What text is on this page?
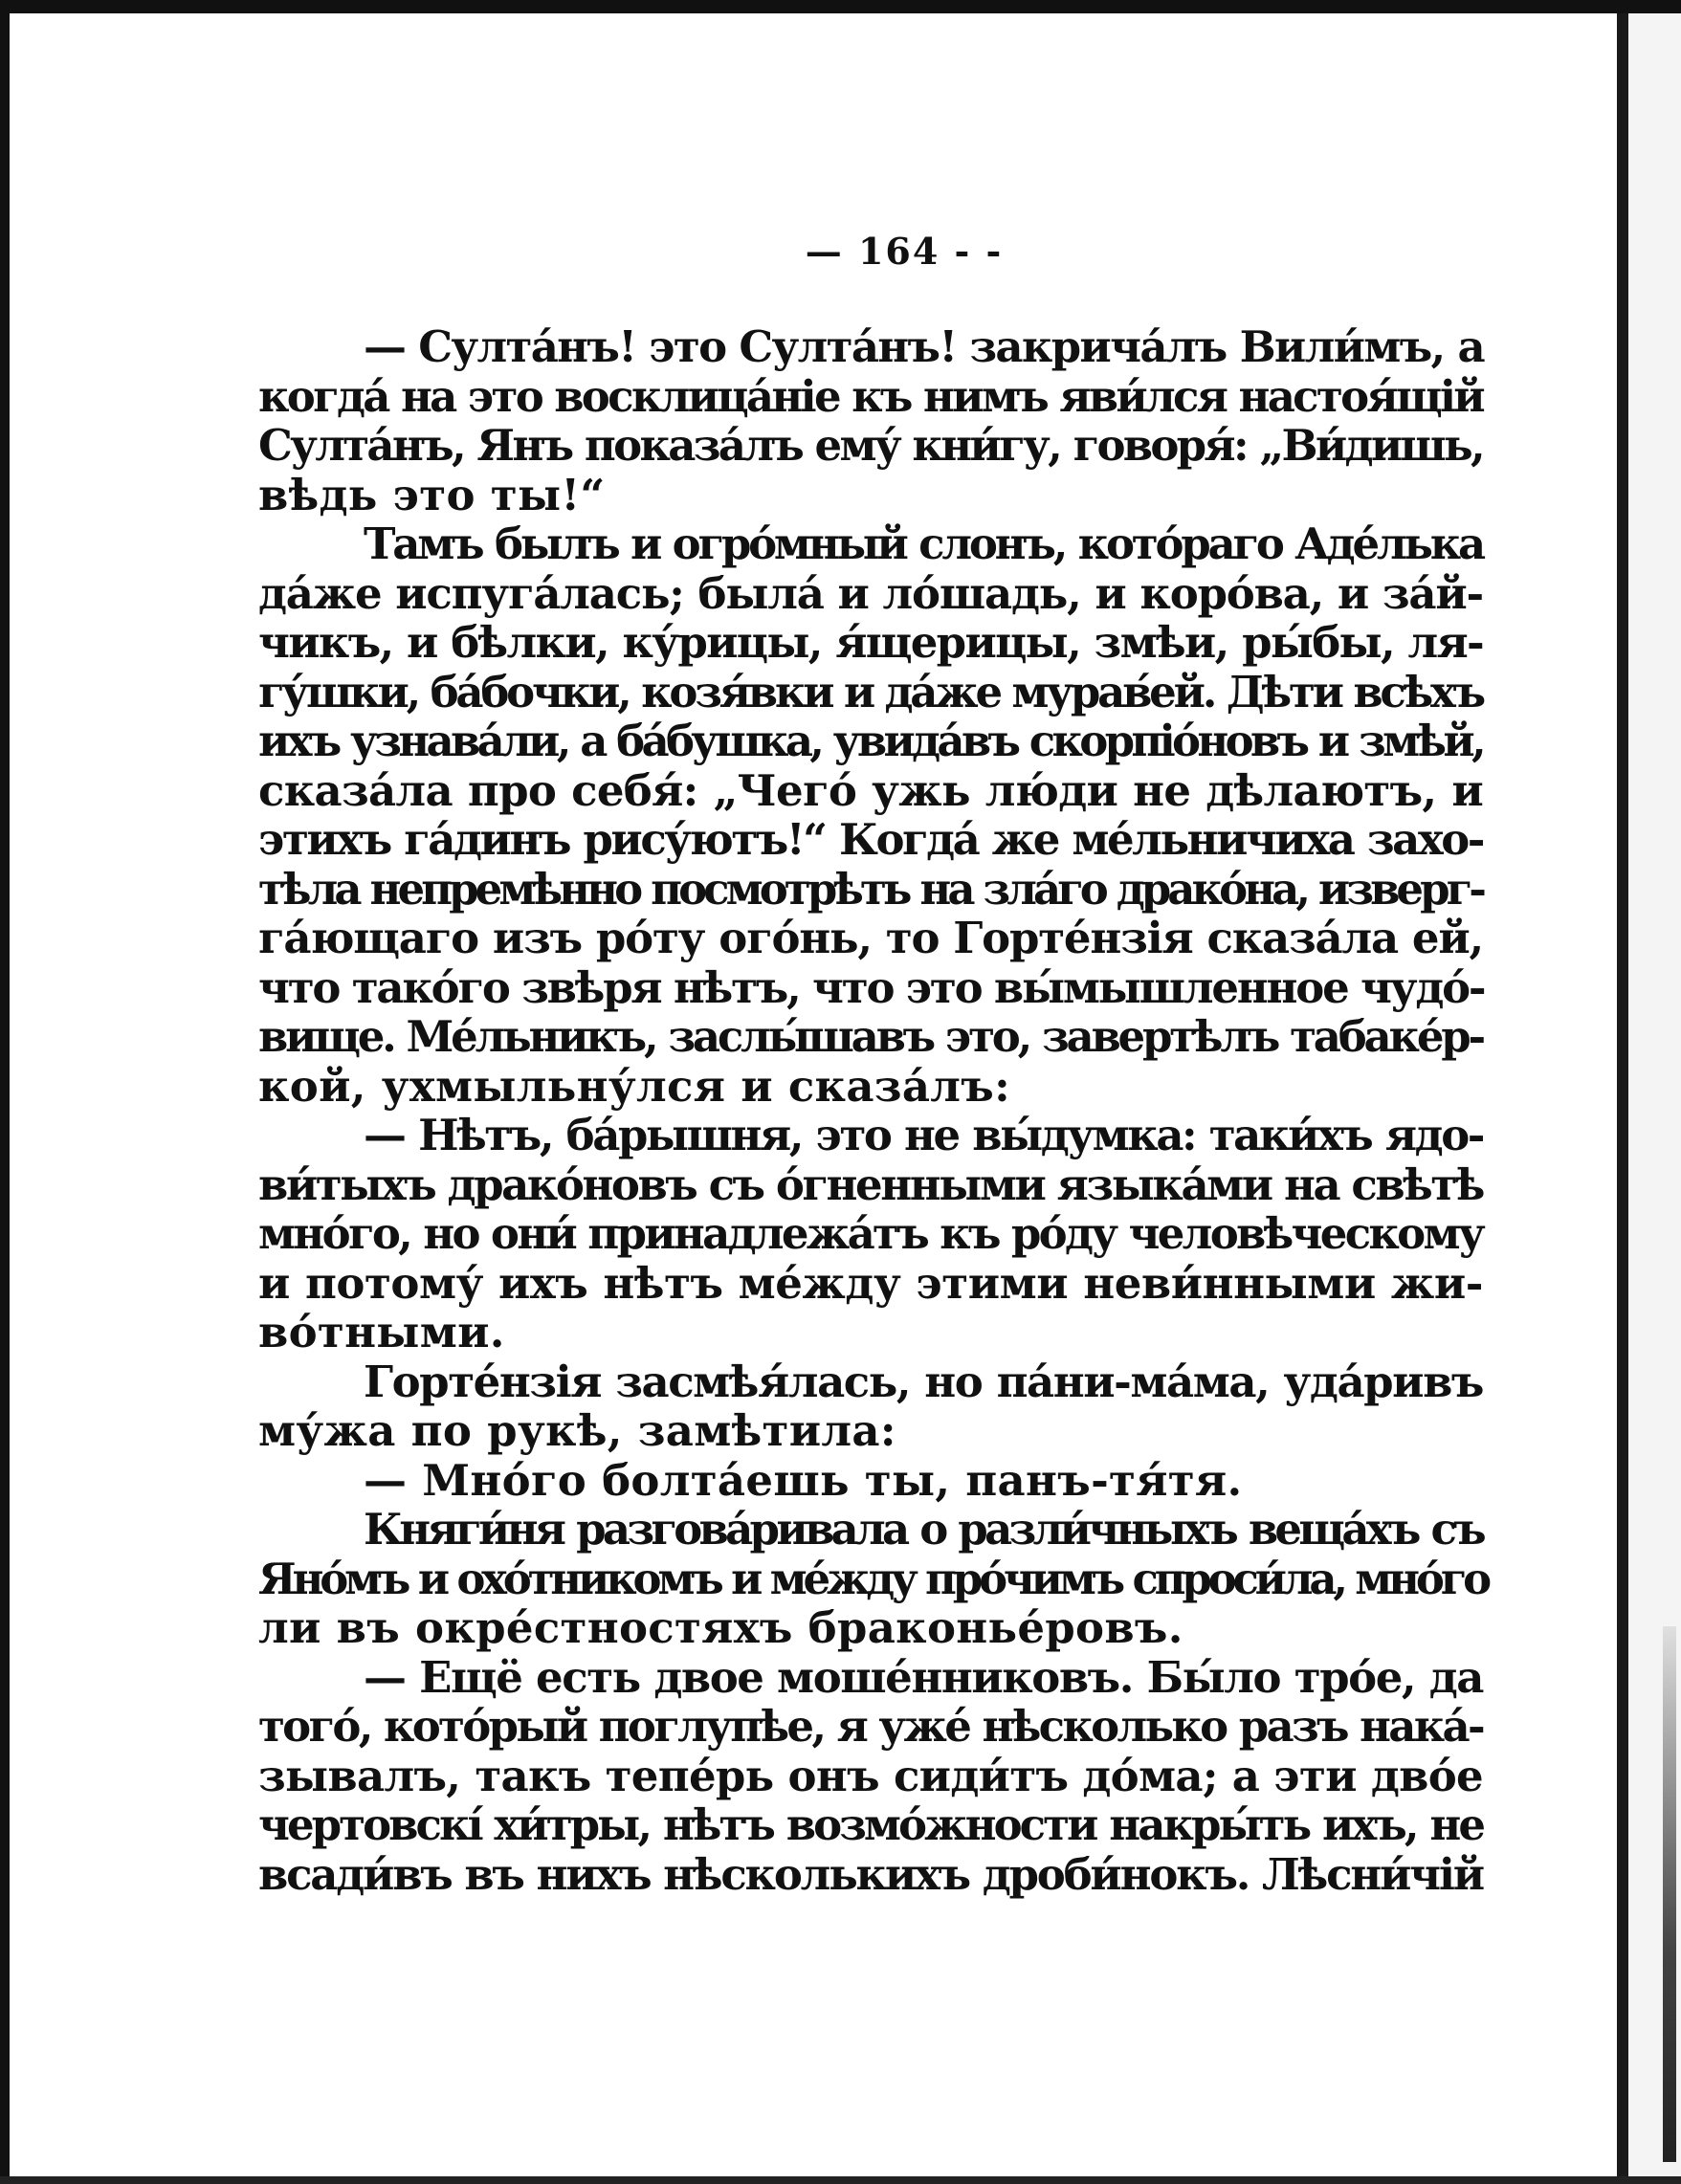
— 164 - -

— Султа́нъ! это Султа́нъ! закрича́лъ Вили́мъ, а
когда́ на это восклица́ніе къ нимъ яви́лся настоя́щій
Султа́нъ, Янъ показа́лъ ему́ кни́гу, говоря́: „Ви́дишь,
вѣдь это ты!“

Тамъ былъ и огро́мный слонъ, кото́раго Аде́лька
да́же испуга́лась; была́ и ло́шадь, и коро́ва, и за́й-
чикъ, и бѣлки, ку́рицы, я́щерицы, змѣи, ры́бы, ля-
гу́шки, ба́бочки, козя́вки и да́же мурав́ей. Дѣти всѣхъ
ихъ узнава́ли, а ба́бушка, увида́въ скорпіо́новъ и змѣй,
сказа́ла про себя́: „Чего́ ужь лю́ди не дѣлаютъ, и
этихъ га́динъ рису́ютъ!“ Когда́ же ме́льничиха захо-
тѣла непремѣнно посмотрѣть на зла́го драко́на, изверг-
га́ющаго изъ ро́ту ого́нь, то Горте́нзія сказа́ла ей,
что тако́го звѣря нѣтъ, что это вы́мышленное чудо́-
вище. Ме́льникъ, заслы́шавъ это, завертѣлъ табаке́р-
кой, ухмыльну́лся и сказа́лъ:

— Нѣтъ, ба́рышня, это не вы́думка: таки́хъ ядо-
ви́тыхъ драко́новъ съ о́гненными языка́ми на свѣтѣ
мно́го, но они́ принадлежа́тъ къ ро́ду человѣческому
и потому́ ихъ нѣтъ ме́жду этими неви́нными жи-
во́тными.

Горте́нзія засмѣя́лась, но па́ни-ма́ма, уда́ривъ
му́жа по рукѣ, замѣтила:

— Мно́го болта́ешь ты, панъ-тя́тя.

Княги́ня разгова́ривала о разли́чныхъ веща́хъ съ
Яно́мъ и охо́тникомъ и ме́жду про́чимъ спроси́ла, мно́го
ли въ окре́стностяхъ браконье́ровъ.

— Ещё есть двое моше́нниковъ. Бы́ло тро́е, да
того́, кото́рый поглупѣе, я ужé нѣсколько разъ нака́-
зывалъ, такъ тепе́рь онъ сиди́тъ до́ма; а эти дво́е
чертовскі́ хи́тры, нѣтъ возмо́жности накры́ть ихъ, не
всади́въ въ нихъ нѣсколькихъ дроби́нокъ. Лѣсни́чій
